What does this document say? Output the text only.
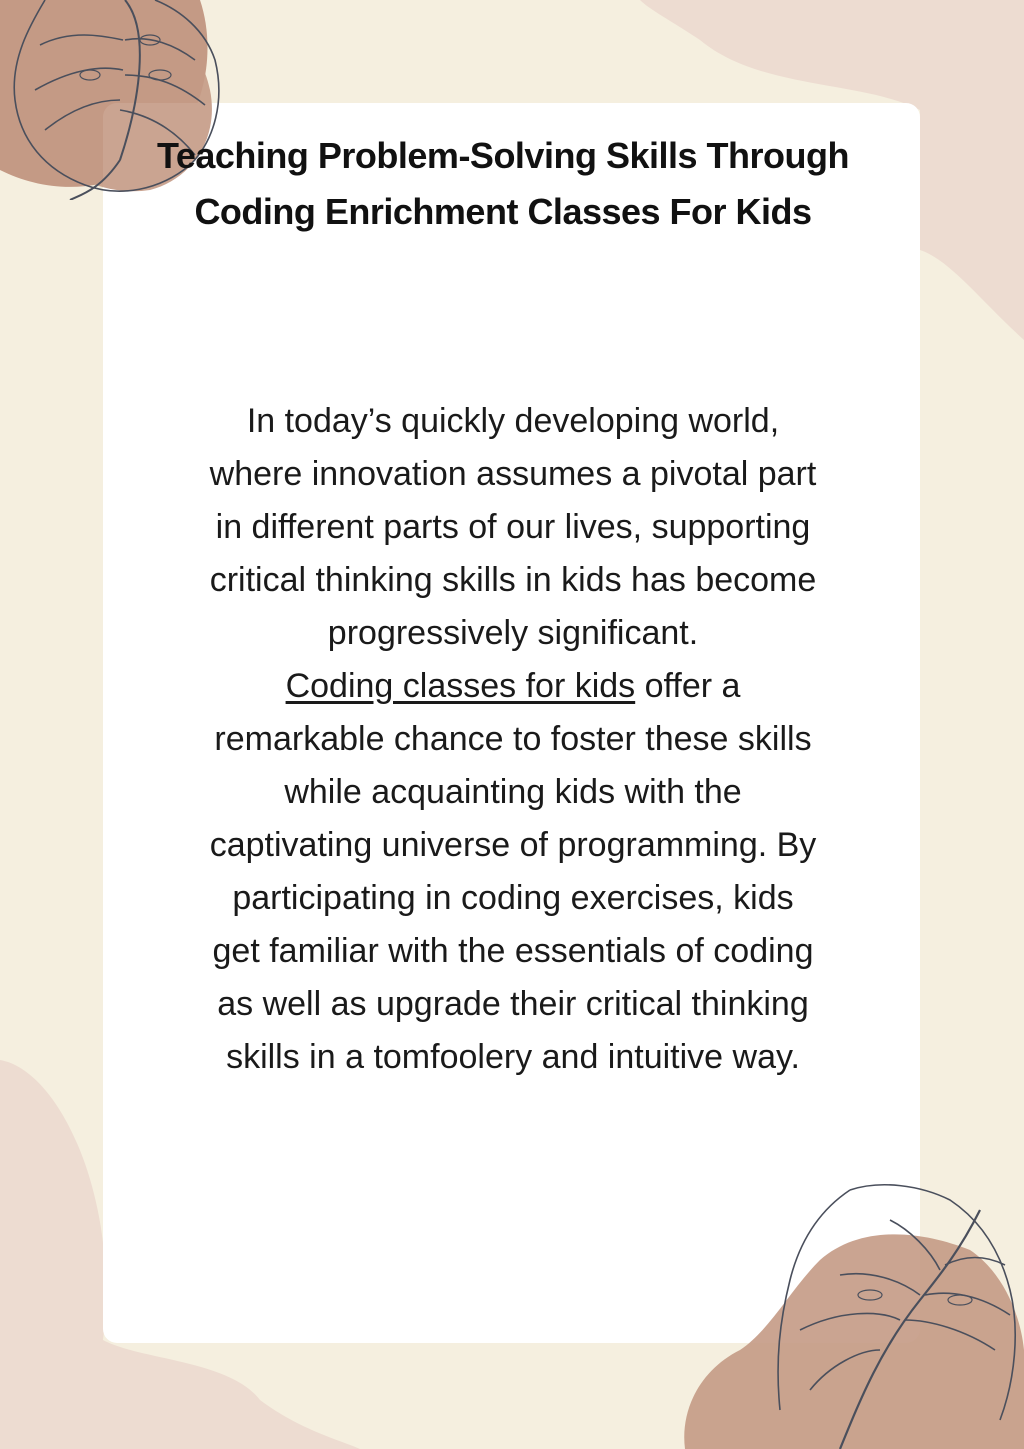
Teaching Problem-Solving Skills Through
Coding Enrichment Classes For Kids
In today’s quickly developing world,
where innovation assumes a pivotal part
in different parts of our lives, supporting
critical thinking skills in kids has become
progressively significant.
Coding classes for kids offer a
remarkable chance to foster these skills
while acquainting kids with the
captivating universe of programming. By
participating in coding exercises, kids
get familiar with the essentials of coding
as well as upgrade their critical thinking
skills in a tomfoolery and intuitive way.
